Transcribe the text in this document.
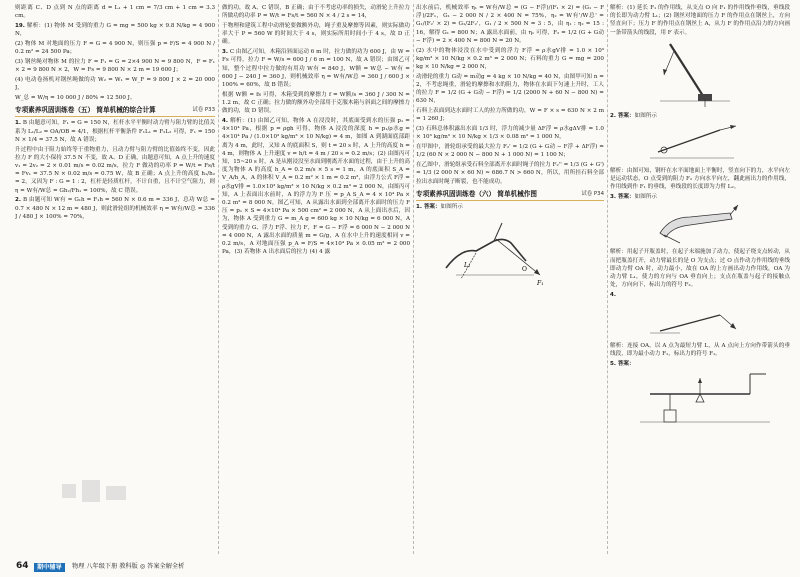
则距离 C、D 点到 N 点的距离 d = L₁ + 1 cm = 7/3 cm + 1 cm = 3.3 cm。

19. 解析：(1) 物体 M 受到的重力 G = mg = 500 kg × 9.8 N/kg = 4 900 N，

(2) 物体 M 对地面的压力 F = G = 4 900 N，则压强 p = F/S = 4 900 N / 0.2 m² = 24 500 Pa；

(3) 钢丝绳对物体 M 的拉力 F = F₁ = G = 2×4 900 N = 9 800 N，F = F₁ × 2 = 9 800 N × 2，W = Fs = 9 800 N × 2 m = 19 600 J；

(4) 电动卷扬机对钢丝绳做的功 W₂ = W₁ = W_F = 9 800 J × 2 = 20 000 J，

W_总 = W/η = 10 000 J / 80% = 12 500 J。

专项素养巩固训练卷（五） 简单机械的综合计算	试卷 P33

1. B 由题意可知，F₁ = G = 150 N，杠杆水平平衡时动力臂与阻力臂的比值关系为 L₁/L₂ = OA/OB = 4/1，根据杠杆平衡条件 F₁L₁ = F₂L₂ 可得，F₁ = 150 N × 1/4 = 37.5 N，故 A 错误；

升过程中由于阻力始终等于重物重力，且动力臂与阻力臂的比值始终不变，因此拉力 F 的大小保持 37.5 N 不变，故 A、D 正确，由题意可知，A 点上升的速度 v₁ = 2v₂ = 2 × 0.01 m/s = 0.02 m/s，拉力 F 做功的功率 P = W/t = Fs/t = Fv₁ = 37.5 N × 0.02 m/s = 0.75 W，故 B 正确；A 点上升的高度 h₁/h₂ = 2，又因为 F : G = 1 : 2，杠杆是轻质杠杆，不计自重，且不计空气阻力，则 η = W有/W总 = Gh₂/Fh₁ = 100%，故 C 错误。

2. B 由题可知 W有 = G₁h = F₁h = 560 N × 0.6 m = 336 J，总功 W总 = 0.7 × 480 N × 12 m = 480 J，则此滑轮组的机械效率 η = W有/W总 = 336 J / 480 J × 100% = 70%，

做的功，故 A、C 错误，B 正确；由于不考虑功率的损失，动滑轮上升拉力所做功的功率 P = W/t = Fs/t = 560 N × 4 / 2 s = 14，

于物理和建筑工程中动滑轮要做额外功，绳子重及摩擦等因素，则实际做功率大于 P = 560 W 的时间大于 4 s，则实际所用时间小于 4 s，故 D 正确。

3. C 由图乙可知，木箱沿斜面运动 6 m 时，拉力做的功为 600 J，由 W = Fs 可得，拉力 F = W/s = 600 J / 6 m = 100 N，故 A 错误；由图乙可知，整个过程中拉力做的有用功 W有 = 840 J，W额 = W总 − W有 = 600 J − 240 J = 360 J，则机械效率 η = W有/W总 = 360 J / 600 J × 100% = 60%，故 B 错误；

根据 W额 = fs 可得，木箱受到的摩擦力 f = W额/s = 360 J / 300 N = 1.2 m，故 C 正确；拉力做的额外功全部用于克服木箱与斜面之间的摩擦力做的功，故 D 错误。

4. 解析：(1) 由图乙可知，物体 A 在浸没时，其底面受到水的压强 p₁ = 4×10⁴ Pa，根据 p = ρgh 可得，物体 A 浸没的深度 h = p₁/ρ水g = 4×10⁴ Pa / (1.0×10³ kg/m³ × 10 N/kg) = 4 m，如图 A 到湖面底部距离为 4 m，此时，又知 A 的底面积 S，则 t = 20 s 时，A 上升的高度 h = 4 m，则物体 A 上升速度 v = h/t = 4 m / 20 s = 0.2 m/s；(2) 由图丙可知，15~20 s 时，A 是从刚浸没至水面到刚离开水面的过程，由于上升的高度为物体 A 的高度 h_A = 0.2 m/s × 5 s = 1 m，A 的底面积 S_A = V_A/h_A，A 的体积 V_A = 0.2 m² × 1 m = 0.2 m³，由浮力公式 F浮 = ρ水gV排 = 1.0×10³ kg/m³ × 10 N/kg × 0.2 m³ = 2 000 N，由图丙可知，A 上表面出水前时，A 的浮力为 F 压 = p_A S_A = 4 × 10⁴ Pa × 0.2 m² = 8 000 N，图乙可知，A 从露出水面到全部离开水面时的压力 F压 = p₁ × S = 4×10⁴ Pa × 500 cm² = 2 000 N，A 从上面出水后，因为，物体 A 受到重力 G = m_A g = 600 kg × 10 N/kg = 6 000 N，A 受到的重力 G、浮力 F浮、拉力 F，F = G − F浮 = 6 000 N − 2 000 N = 4 000 N，A 露出水面的质量 m = G/g，A 在水中上升的速度相同 v = 0.2 m/s，A 对地面压强 p_A = F/S = 4×10⁴ Pa × 0.05 m² = 2 000 Pa，(3) 若物体 A 出水面后的拉力 (4) 4 露

出水前后，机械效率 η₁ = W有/W总 = (G − F浮)/(F₁ × 2) = (G₁ − F浮)/2F₁，G₁ − 2 000 N / 2 × 400 N = 75%，η₂ = W有'/W总' = G₁/(F₂' × 2) = G₁/2F₂'，G₁ / 2 × 500 N = 3 : 5，由 η₁ : η₂ = 15 : 16，解得 G₁ = 800 N；A 露出水面前，由 η₁ 可得，F₂ = 1/2 (G + G动 − F浮) = 2 × 400 N = 800 N = 20 N。

(2) 水中的物体浸没在水中受到的浮力 F浮 = ρ水gV排 = 1.0 × 10³ kg/m³ × 10 N/kg × 0.2 m³ = 2 000 N；石料的重力 G = mg = 200 kg × 10 N/kg = 2 000 N，

动滑轮的重力 G动 = m动g = 4 kg × 10 N/kg = 40 N，由图甲可知 n = 2，不考虑绳重，滑轮的摩擦和水的阻力，物体在水面下匀速上升时，工人的拉力 F = 1/2 (G + G动 − F浮) = 1/2 (2000 N + 60 N − 800 N) = 630 N，

石料上表面到达水面时工人的拉力所做的功，W = F × s = 630 N × 2 m = 1 260 J；

(3) 石料总体积露出水面 1/3 时，浮力的减少量 ΔF浮 = ρ水gΔV排 = 1.0 × 10³ kg/m³ × 10 N/kg × 1/3 × 0.08 m³ = 1 000 N，

在甲图中，滑轮组承受的最大拉力 F₂' = 1/2 (G + G动 − F浮 + ΔF浮) = 1/2 (60 N × 2 000 N − 800 N + 1 000 N) = 1 100 N；

在乙图中，滑轮组承受石料全部离开水面时绳子的拉力 F₂'' = 1/3 (G + G') = 1/3 (2 000 N × 60 N) ≈ 686.7 N > 660 N，所以，用所挂石料全部拉出水面时绳子断裂，也不能成功。

专项素养巩固训练卷（六） 简单机械作图	试卷 P34

1. 答案：如图所示

F₁
L₁
O

解析：(1) 延长 F₁ 的作用线，从支点 O 向 F₁ 的作用线作垂线，垂线段的长即为动力臂 L₁；(2) 钢丝对地面的压力 F 的作用点在钢丝上，方向竖直向下；压力 F 的作用点在钢丝上 A，从力 F 的作用点沿力的方向画一条带箭头的线段，用 F 表示。

2. 答案：如图所示

解析：由图可知，钢杆在水平面地面上平衡时，竖直向下的力，水平向左是运动状态，O 点受到的阻力 F₂ 方向水平向左，翻此画出力的作用线，作用线到作 F₁ 的垂线，垂线段的长度即为力臂 L₂。

3. 答案：如图所示

解析：用起子开瓶盖时，在起子末端施加了动力，使起子绕支点转动，从而把瓶盖打开，动力臂最长的是 O 为支点；过 O 点作动力作用线的垂线即动力臂 OA 时，动力最小，故在 OA 的上方画出动力作用线，OA 为动力臂 L₁，使力的方向与 OA 垂直向上；支点在瓶盖与起子的接触点处，方向向下，标出力的符号 F₂。

4.

解析：连接 OA，以 A 点为最短力臂 L，从 A 点向上方向作带箭头的垂线段，即为最小动力 F₁，标出力的符号 F₁。

5. 答案：

64	期中辅导	物理 八年级下册 教科版 ◎ 答案全解全析
